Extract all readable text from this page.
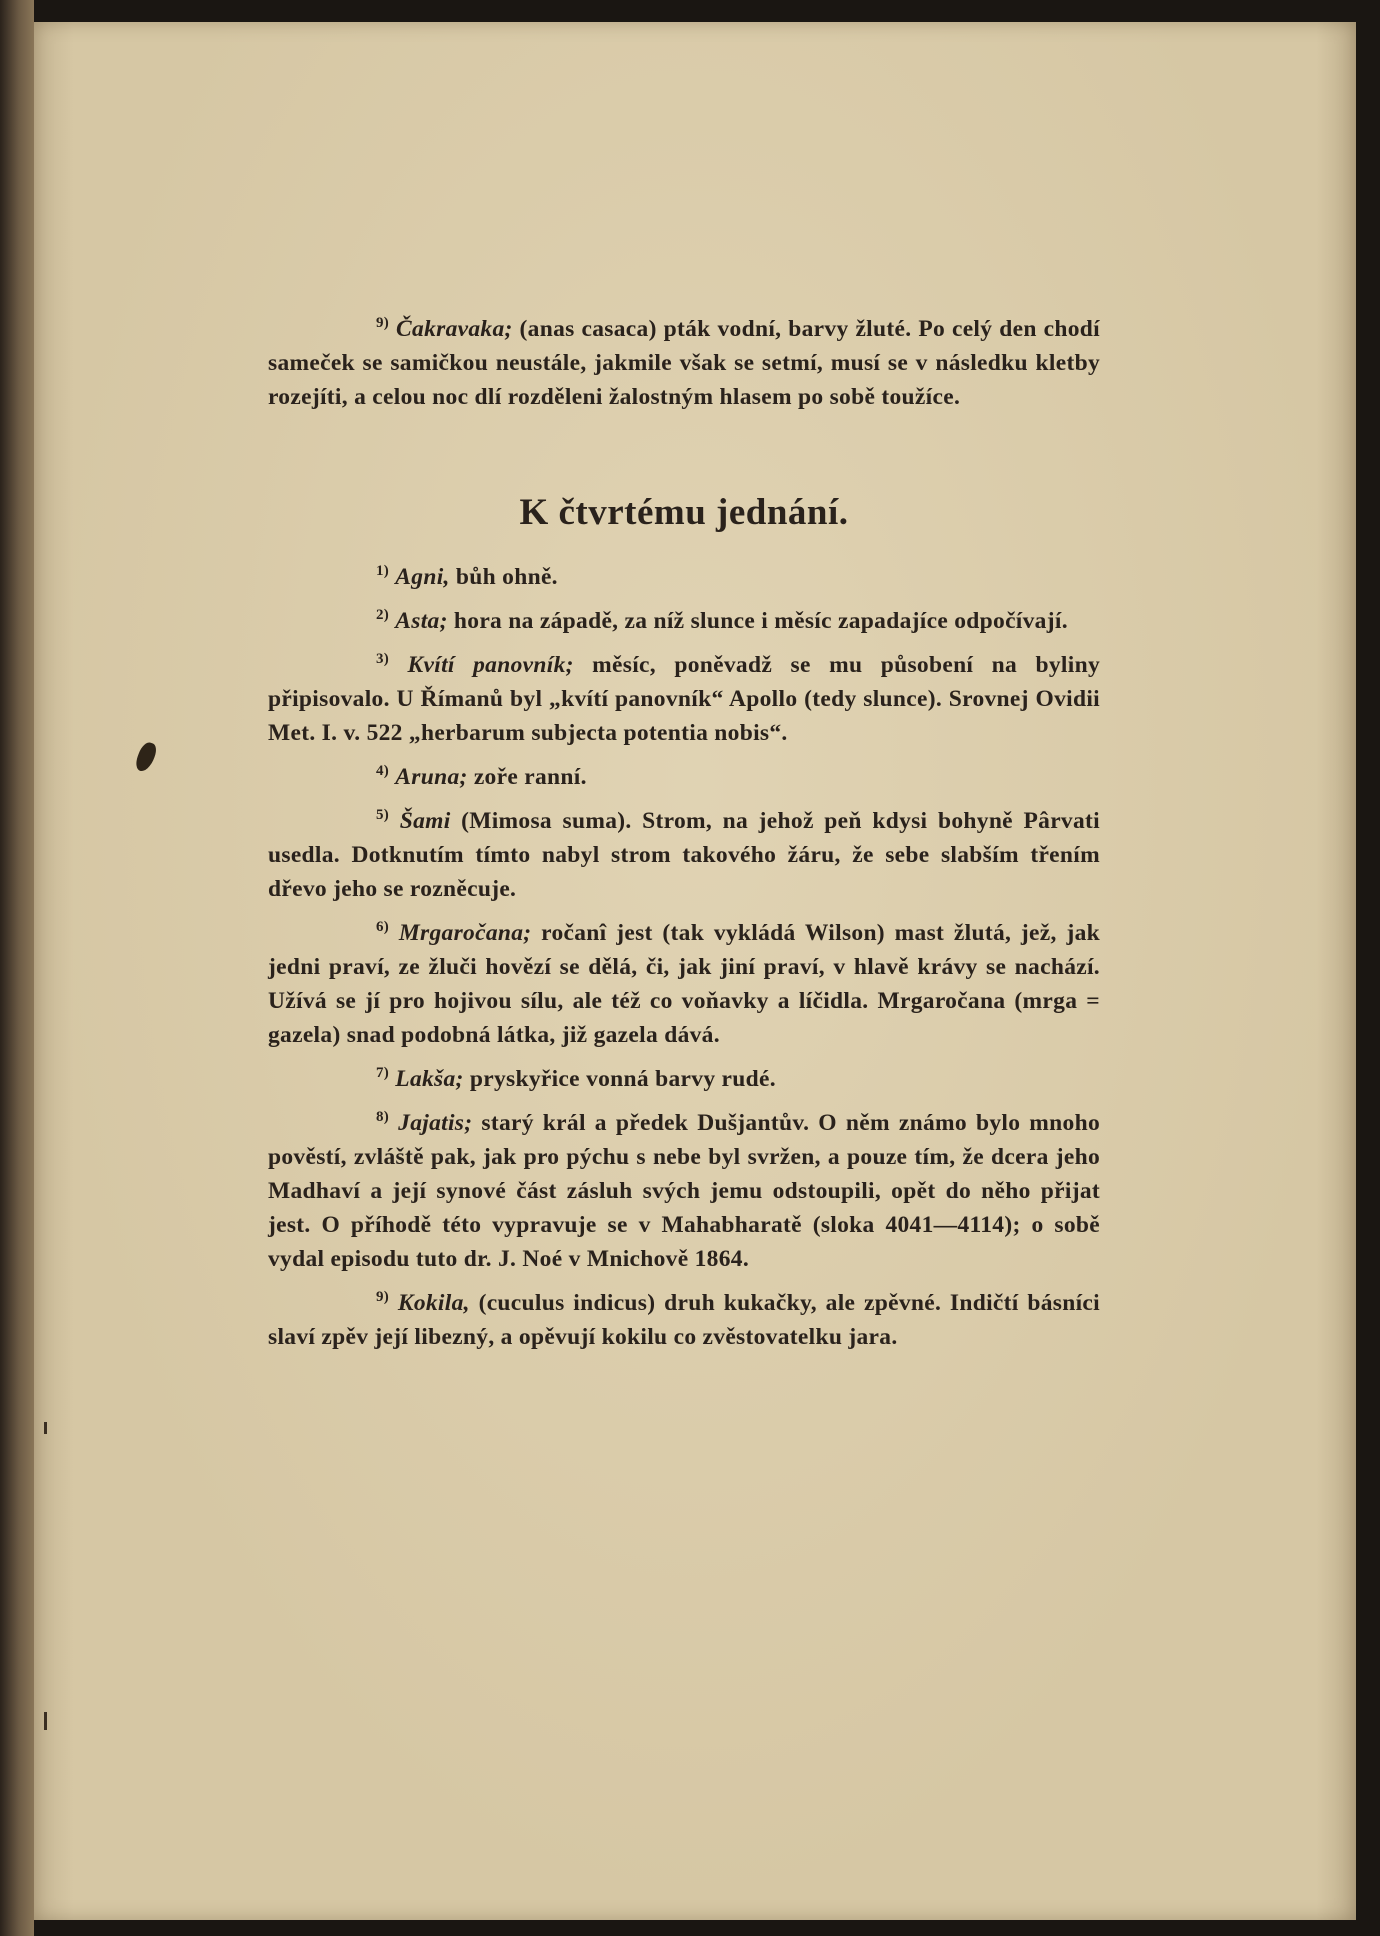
$^{9)}$ Čakravaka; (anas casaca) pták vodní, barvy žluté. Po celý den chodí sameček se samičkou neustále, jakmile však se setmí, musí se v následku kletby rozejíti, a celou noc dlí rozděleni žalostným hlasem po sobě toužíce.

K čtvrtému jednání.

$^{1)}$ Agni, bůh ohně.

$^{2)}$ Asta; hora na západě, za níž slunce i měsíc zapadajíce odpočívají.

$^{3)}$ Kvítí panovník; měsíc, poněvadž se mu působení na byliny připisovalo. U Římanů byl „kvítí panovník“ Apollo (tedy slunce). Srovnej Ovidii Met. I. v. 522 „herbarum subjecta potentia nobis“.

$^{4)}$ Aruna; zoře ranní.

$^{5)}$ Šami (Mimosa suma). Strom, na jehož peň kdysi bohyně Pârvati usedla. Dotknutím tímto nabyl strom takového žáru, že sebe slabším třením dřevo jeho se rozněcuje.

$^{6)}$ Mrgaročana; ročanî jest (tak vykládá Wilson) mast žlutá, jež, jak jedni praví, ze žluči hovězí se dělá, či, jak jiní praví, v hlavě krávy se nachází. Užívá se jí pro hojivou sílu, ale též co voňavky a líčidla. Mrgaročana (mrga = gazela) snad podobná látka, již gazela dává.

$^{7)}$ Lakša; pryskyřice vonná barvy rudé.

$^{8)}$ Jajatis; starý král a předek Dušjantův. O něm známo bylo mnoho pověstí, zvláště pak, jak pro pýchu s nebe byl svržen, a pouze tím, že dcera jeho Madhaví a její synové část zásluh svých jemu odstoupili, opět do něho přijat jest. O příhodě této vypravuje se v Mahabharatě (sloka 4041—4114); o sobě vydal episodu tuto dr. J. Noé v Mnichově 1864.

$^{9)}$ Kokila, (cuculus indicus) druh kukačky, ale zpěvné. Indičtí básníci slaví zpěv její libezný, a opěvují kokilu co zvěstovatelku jara.
